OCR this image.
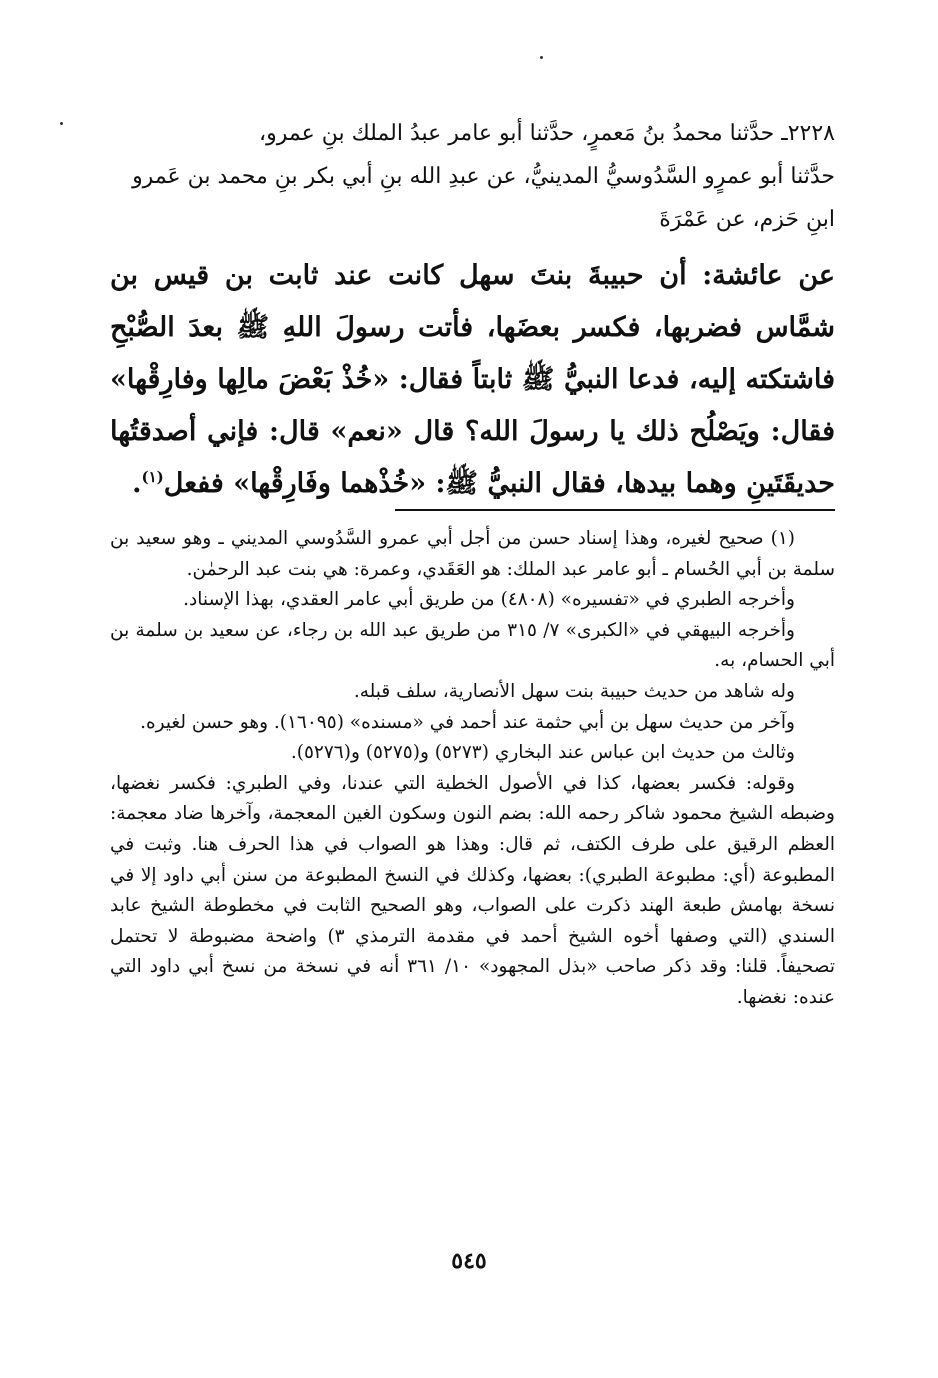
٢٢٢٨ـ حدَّثنا محمدُ بنُ مَعمرٍ، حدَّثنا أبو عامر عبدُ الملك بنِ عمرو،
حدَّثنا أبو عمرٍو السَّدُوسيُّ المدينيُّ، عن عبدِ الله بنِ أبي بكر بنِ محمد بن عَمرو
ابنِ حَزم، عن عَمْرَةَ
عن عائشة: أن حبيبةَ بنتَ سهل كانت عند ثابت بن قيس بن شمَّاس فضربها، فكسر بعضَها، فأتت رسولَ اللهِ ﷺ بعدَ الصُّبْحِ فاشتكته إليه، فدعا النبيُّ ﷺ ثابتاً فقال: «خُذْ بَعْضَ مالِها وفارِقْها» فقال: ويَصْلُح ذلك يا رسولَ الله؟ قال «نعم» قال: فإني أصدقتُها حديقَتَينِ وهما بيدها، فقال النبيُّ ﷺ: «خُذْهما وفَارِقْها» ففعل$^{(١)}$.

(١) صحيح لغيره، وهذا إسناد حسن من أجل أبي عمرو السَّدُوسي المديني ـ وهو سعيد بن سلمة بن أبي الحُسام ـ أبو عامر عبد الملك: هو العَقَدي، وعمرة: هي بنت عبد الرحمٰن.

وأخرجه الطبري في «تفسيره» (٤٨٠٨) من طريق أبي عامر العقدي، بهذا الإسناد.

وأخرجه البيهقي في «الكبرى» ٧/ ٣١٥ من طريق عبد الله بن رجاء، عن سعيد بن سلمة بن أبي الحسام، به.

وله شاهد من حديث حبيبة بنت سهل الأنصارية، سلف قبله.

وآخر من حديث سهل بن أبي حثمة عند أحمد في «مسنده» (١٦٠٩٥). وهو حسن لغيره.

وثالث من حديث ابن عباس عند البخاري (٥٢٧٣) و(٥٢٧٥) و(٥٢٧٦).

وقوله: فكسر بعضها، كذا في الأصول الخطية التي عندنا، وفي الطبري: فكسر نغضها، وضبطه الشيخ محمود شاكر رحمه الله: بضم النون وسكون الغين المعجمة، وآخرها ضاد معجمة: العظم الرقيق على طرف الكتف، ثم قال: وهذا هو الصواب في هذا الحرف هنا. وثبت في المطبوعة (أي: مطبوعة الطبري): بعضها، وكذلك في النسخ المطبوعة من سنن أبي داود إلا في نسخة بهامش طبعة الهند ذكرت على الصواب، وهو الصحيح الثابت في مخطوطة الشيخ عابد السندي (التي وصفها أخوه الشيخ أحمد في مقدمة الترمذي ٣) واضحة مضبوطة لا تحتمل تصحيفاً. قلنا: وقد ذكر صاحب «بذل المجهود» ١٠/ ٣٦١ أنه في نسخة من نسخ أبي داود التي عنده: نغضها.

٥٤٥
